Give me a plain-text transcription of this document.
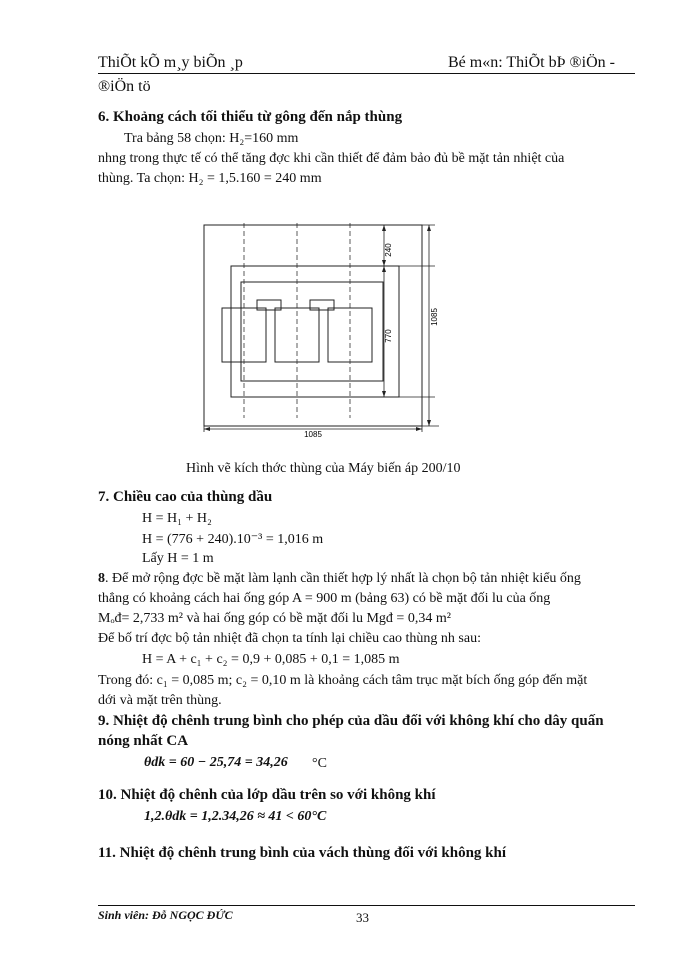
ThiÕt kÕ m¸y biÕn ¸p	Bé m«n: ThiÕt bÞ ®iÖn -
®iÖn tö
6. Khoảng cách tối thiểu từ gông đến nắp thùng
Tra bảng 58 chọn: H₂=160 mm
nhng trong thực tế có thể tăng đợc khi cần thiết để đảm bảo đủ bề mặt tản nhiệt của
thùng. Ta chọn: H₂ = 1,5.160 = 240 mm
240
770
1085
1085
Hình vẽ kích thớc thùng của Máy biến áp 200/10
7. Chiều cao của thùng dầu
H = H₁ + H₂
H = (776 + 240).10⁻³ = 1,016 m
Lấy H = 1 m
8. Để mở rộng đợc bề mặt làm lạnh cần thiết hợp lý nhất là chọn bộ tản nhiệt kiểu ống
thẳng có khoảng cách hai ống góp A = 900 m (bảng 63) có bề mặt đối lu của ống
Mₒđ= 2,733 m² và hai ống góp có bề mặt đối lu Mgđ = 0,34 m²
Để bố trí đợc bộ tản nhiệt đã chọn ta tính lại chiều cao thùng nh sau:
H = A + c₁ + c₂ = 0,9 + 0,085 + 0,1 = 1,085 m
Trong đó: c₁ = 0,085 m; c₂ = 0,10 m là khoảng cách tâm trục mặt bích ống góp đến mặt
dới và mặt trên thùng.
9. Nhiệt độ chênh trung bình cho phép của dầu đối với không khí cho dây quấn
nóng nhất CA
θdk = 60 − 25,74 = 34,26 °C
10. Nhiệt độ chênh của lớp dầu trên so với không khí
1,2.θdk = 1,2.34,26 ≈ 41 < 60°C
11. Nhiệt độ chênh trung bình của vách thùng đối với không khí
Sinh viên: Đỗ NGỌC ĐỨC	33
